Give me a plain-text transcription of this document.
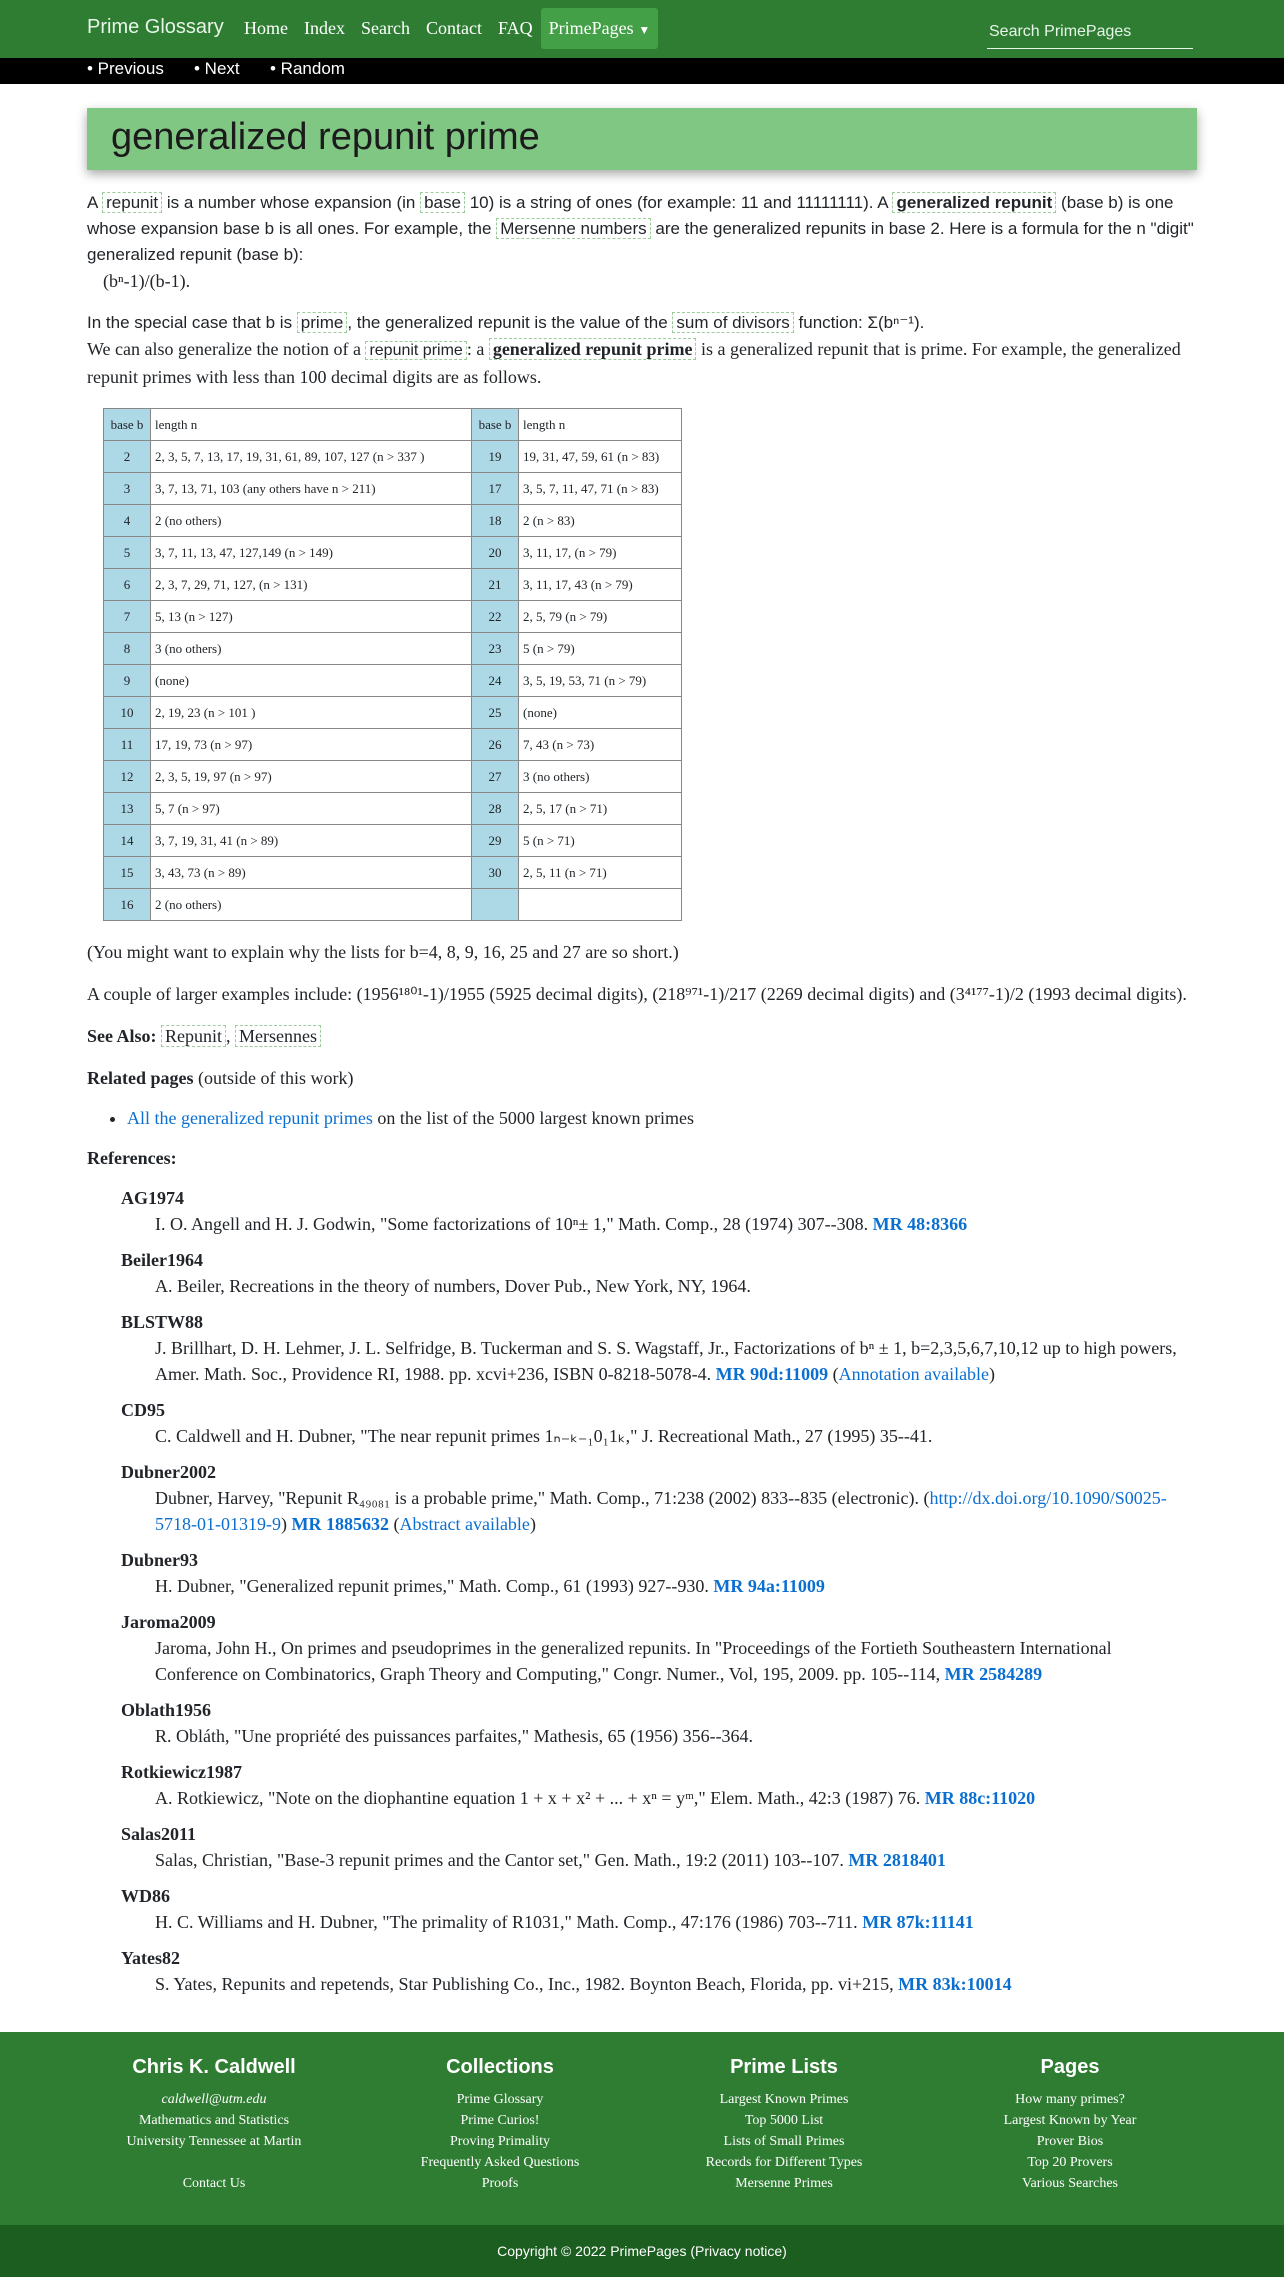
Prime Glossary	Home Index Search Contact FAQ PrimePages ▼
Search PrimePages
• Previous • Next • Random
generalized repunit prime

A repunit is a number whose expansion (in base 10) is a string of ones (for example: 11 and 11111111). A generalized repunit (base b) is one whose expansion base b is all ones. For example, the Mersenne numbers are the generalized repunits in base 2. Here is a formula for the n "digit" generalized repunit (base b):

(bⁿ-1)/(b-1).

In the special case that b is prime , the generalized repunit is the value of the sum of divisors function: Σ(bⁿ⁻¹).

We can also generalize the notion of a repunit prime : a generalized repunit prime is a generalized repunit that is prime. For example, the generalized repunit primes with less than 100 decimal digits are as follows.

base b	length n	base b	length n
2	2, 3, 5, 7, 13, 17, 19, 31, 61, 89, 107, 127 (n > 337 )	19	19, 31, 47, 59, 61 (n > 83)
3	3, 7, 13, 71, 103 (any others have n > 211)	17	3, 5, 7, 11, 47, 71 (n > 83)
4	2 (no others)	18	2 (n > 83)
5	3, 7, 11, 13, 47, 127,149 (n > 149)	20	3, 11, 17, (n > 79)
6	2, 3, 7, 29, 71, 127, (n > 131)	21	3, 11, 17, 43 (n > 79)
7	5, 13 (n > 127)	22	2, 5, 79 (n > 79)
8	3 (no others)	23	5 (n > 79)
9	(none)	24	3, 5, 19, 53, 71 (n > 79)
10	2, 19, 23 (n > 101 )	25	(none)
11	17, 19, 73 (n > 97)	26	7, 43 (n > 73)
12	2, 3, 5, 19, 97 (n > 97)	27	3 (no others)
13	5, 7 (n > 97)	28	2, 5, 17 (n > 71)
14	3, 7, 19, 31, 41 (n > 89)	29	5 (n > 71)
15	3, 43, 73 (n > 89)	30	2, 5, 11 (n > 71)
16	2 (no others)		

(You might want to explain why the lists for b=4, 8, 9, 16, 25 and 27 are so short.)

A couple of larger examples include: (1956¹⁸⁰¹-1)/1955 (5925 decimal digits), (218⁹⁷¹-1)/217 (2269 decimal digits) and (3⁴¹⁷⁷-1)/2 (1993 decimal digits).

See Also: Repunit , Mersennes

Related pages (outside of this work)

• All the generalized repunit primes on the list of the 5000 largest known primes

References:

AG1974
I. O. Angell and H. J. Godwin, "Some factorizations of 10ⁿ± 1," Math. Comp., 28 (1974) 307--308. MR 48:8366
Beiler1964
A. Beiler, Recreations in the theory of numbers, Dover Pub., New York, NY, 1964.
BLSTW88
J. Brillhart, D. H. Lehmer, J. L. Selfridge, B. Tuckerman and S. S. Wagstaff, Jr., Factorizations of bⁿ ± 1, b=2,3,5,6,7,10,12 up to high powers, Amer. Math. Soc., Providence RI, 1988. pp. xcvi+236, ISBN 0-8218-5078-4. MR 90d:11009 (Annotation available)
CD95
C. Caldwell and H. Dubner, "The near repunit primes 1ₙ₋ₖ₋₁0₁1ₖ," J. Recreational Math., 27 (1995) 35--41.
Dubner2002
Dubner, Harvey, "Repunit R₄₉₀₈₁ is a probable prime," Math. Comp., 71:238 (2002) 833--835 (electronic). (http://dx.doi.org/10.1090/S0025-5718-01-01319-9) MR 1885632 (Abstract available)
Dubner93
H. Dubner, "Generalized repunit primes," Math. Comp., 61 (1993) 927--930. MR 94a:11009
Jaroma2009
Jaroma, John H., On primes and pseudoprimes in the generalized repunits. In "Proceedings of the Fortieth Southeastern International Conference on Combinatorics, Graph Theory and Computing," Congr. Numer., Vol, 195, 2009. pp. 105--114, MR 2584289
Oblath1956
R. Obláth, "Une propriété des puissances parfaites," Mathesis, 65 (1956) 356--364.
Rotkiewicz1987
A. Rotkiewicz, "Note on the diophantine equation 1 + x + x² + ... + xⁿ = yᵐ," Elem. Math., 42:3 (1987) 76. MR 88c:11020
Salas2011
Salas, Christian, "Base-3 repunit primes and the Cantor set," Gen. Math., 19:2 (2011) 103--107. MR 2818401
WD86
H. C. Williams and H. Dubner, "The primality of R1031," Math. Comp., 47:176 (1986) 703--711. MR 87k:11141
Yates82
S. Yates, Repunits and repetends, Star Publishing Co., Inc., 1982. Boynton Beach, Florida, pp. vi+215, MR 83k:10014
Chris K. Caldwell
caldwell@utm.edu
Mathematics and Statistics
University Tennessee at Martin
Contact Us
Collections
Prime Glossary
Prime Curios!
Proving Primality
Frequently Asked Questions
Proofs
Prime Lists
Largest Known Primes
Top 5000 List
Lists of Small Primes
Records for Different Types
Mersenne Primes
Pages
How many primes?
Largest Known by Year
Prover Bios
Top 20 Provers
Various Searches
Copyright © 2022 PrimePages (Privacy notice)
